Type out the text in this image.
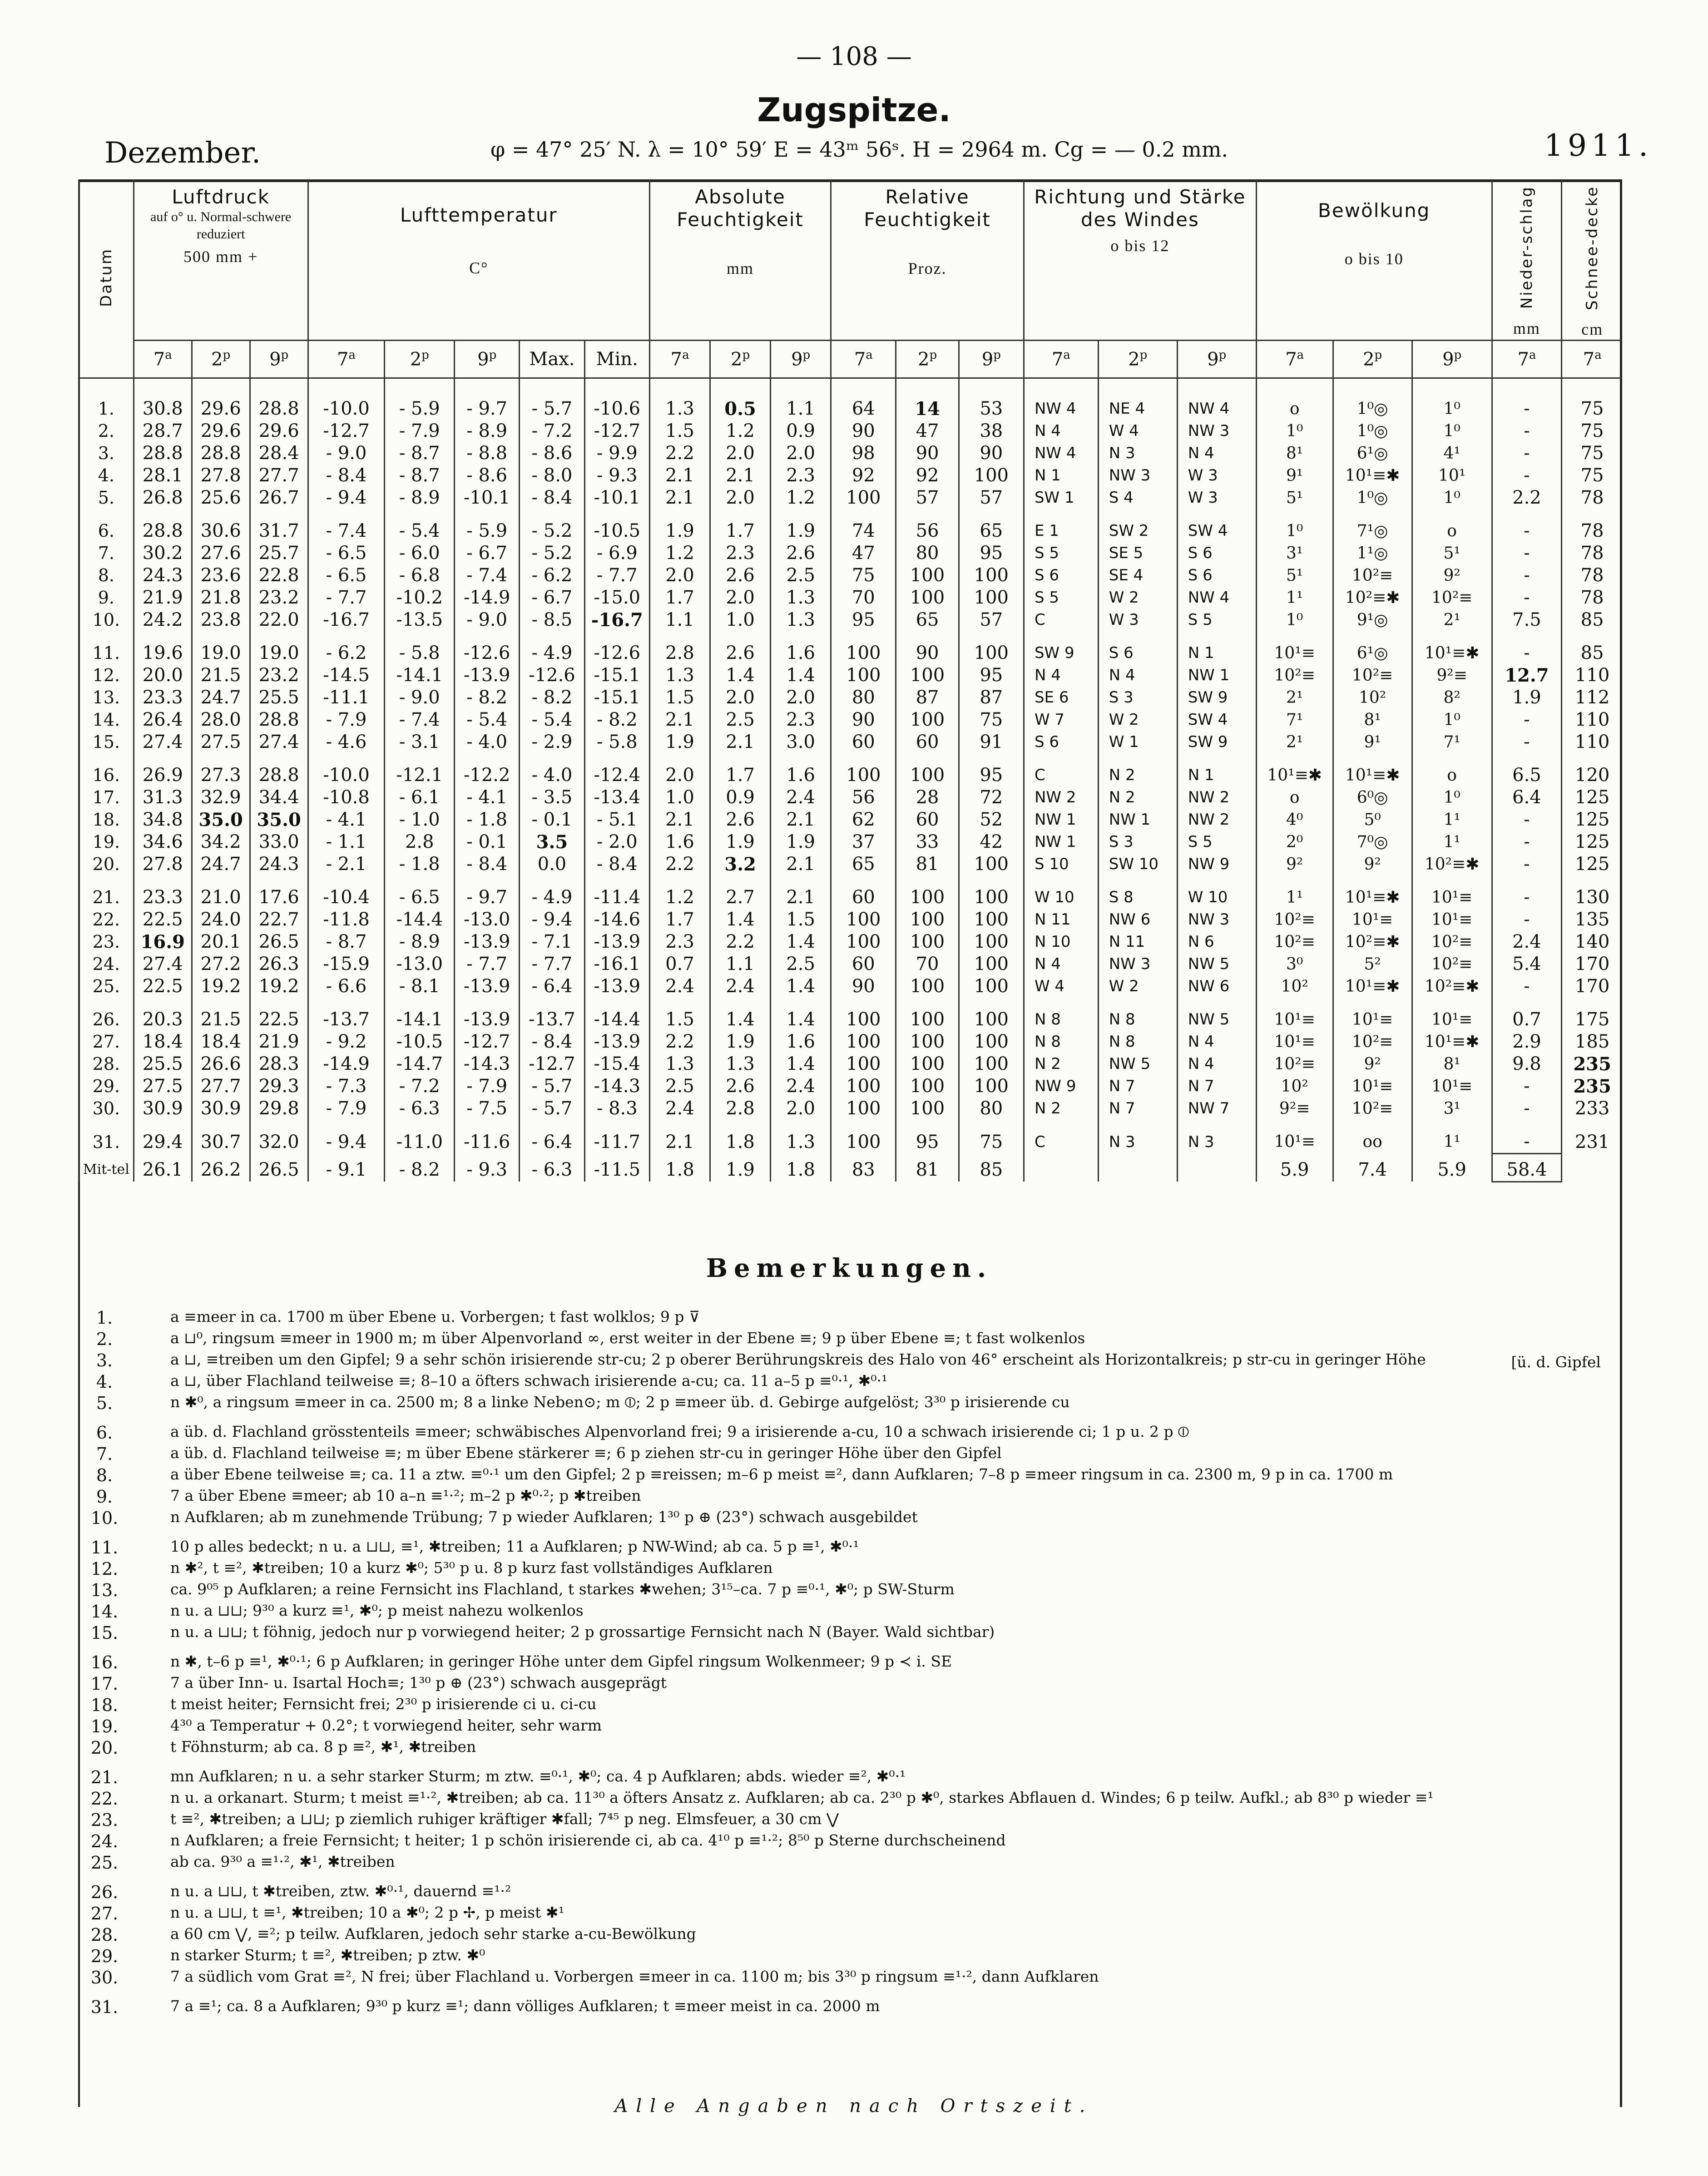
— 108 —
Zugspitze.
Dezember.	φ = 47° 25′ N. λ = 10° 59′ E = 43ᵐ 56ˢ. H = 2964 m. Cg = — 0.2 mm.	1911.
Datum	Luftdruck
auf o° u. Normal-schwere reduziert
500 mm +			Lufttemperatur
C°					Absolute Feuchtigkeit
mm			Relative Feuchtigkeit
Proz.			Richtung und Stärke des Windes
o bis 12			Bewölkung
o bis 10			Nieder-schlag
mm	Schnee-decke
cm

	7$^a$	2$^p$	9$^p$	7$^a$	2$^p$	9$^p$	Max.	Min.	7$^a$	2$^p$	9$^p$	7$^a$	2$^p$	9$^p$	7$^a$	2$^p$	9$^p$	7$^a$	2$^p$	9$^p$	7$^a$	7$^a$

1.	30.8	29.6	28.8	-10.0	- 5.9	- 9.7	- 5.7	-10.6	1.3	0.5	1.1	64	14	53	NW 4	NE 4	NW 4	o	1⁰◎	1⁰	-	75
2.	28.7	29.6	29.6	-12.7	- 7.9	- 8.9	- 7.2	-12.7	1.5	1.2	0.9	90	47	38	N 4	W 4	NW 3	1⁰	1⁰◎	1⁰	-	75
3.	28.8	28.8	28.4	- 9.0	- 8.7	- 8.8	- 8.6	- 9.9	2.2	2.0	2.0	98	90	90	NW 4	N 3	N 4	8¹	6¹◎	4¹	-	75
4.	28.1	27.8	27.7	- 8.4	- 8.7	- 8.6	- 8.0	- 9.3	2.1	2.1	2.3	92	92	100	N 1	NW 3	W 3	9¹	10¹≡✱	10¹	-	75
5.	26.8	25.6	26.7	- 9.4	- 8.9	-10.1	- 8.4	-10.1	2.1	2.0	1.2	100	57	57	SW 1	S 4	W 3	5¹	1⁰◎	1⁰	2.2	78
6.	28.8	30.6	31.7	- 7.4	- 5.4	- 5.9	- 5.2	-10.5	1.9	1.7	1.9	74	56	65	E 1	SW 2	SW 4	1⁰	7¹◎	o	-	78
7.	30.2	27.6	25.7	- 6.5	- 6.0	- 6.7	- 5.2	- 6.9	1.2	2.3	2.6	47	80	95	S 5	SE 5	S 6	3¹	1¹◎	5¹	-	78
8.	24.3	23.6	22.8	- 6.5	- 6.8	- 7.4	- 6.2	- 7.7	2.0	2.6	2.5	75	100	100	S 6	SE 4	S 6	5¹	10²≡	9²	-	78
9.	21.9	21.8	23.2	- 7.7	-10.2	-14.9	- 6.7	-15.0	1.7	2.0	1.3	70	100	100	S 5	W 2	NW 4	1¹	10²≡✱	10²≡	-	78
10.	24.2	23.8	22.0	-16.7	-13.5	- 9.0	- 8.5	-16.7	1.1	1.0	1.3	95	65	57	C	W 3	S 5	1⁰	9¹◎	2¹	7.5	85
11.	19.6	19.0	19.0	- 6.2	- 5.8	-12.6	- 4.9	-12.6	2.8	2.6	1.6	100	90	100	SW 9	S 6	N 1	10¹≡	6¹◎	10¹≡✱	-	85
12.	20.0	21.5	23.2	-14.5	-14.1	-13.9	-12.6	-15.1	1.3	1.4	1.4	100	100	95	N 4	N 4	NW 1	10²≡	10²≡	9²≡	12.7	110
13.	23.3	24.7	25.5	-11.1	- 9.0	- 8.2	- 8.2	-15.1	1.5	2.0	2.0	80	87	87	SE 6	S 3	SW 9	2¹	10²	8²	1.9	112
14.	26.4	28.0	28.8	- 7.9	- 7.4	- 5.4	- 5.4	- 8.2	2.1	2.5	2.3	90	100	75	W 7	W 2	SW 4	7¹	8¹	1⁰	-	110
15.	27.4	27.5	27.4	- 4.6	- 3.1	- 4.0	- 2.9	- 5.8	1.9	2.1	3.0	60	60	91	S 6	W 1	SW 9	2¹	9¹	7¹	-	110
16.	26.9	27.3	28.8	-10.0	-12.1	-12.2	- 4.0	-12.4	2.0	1.7	1.6	100	100	95	C	N 2	N 1	10¹≡✱	10¹≡✱	o	6.5	120
17.	31.3	32.9	34.4	-10.8	- 6.1	- 4.1	- 3.5	-13.4	1.0	0.9	2.4	56	28	72	NW 2	N 2	NW 2	o	6⁰◎	1⁰	6.4	125
18.	34.8	35.0	35.0	- 4.1	- 1.0	- 1.8	- 0.1	- 5.1	2.1	2.6	2.1	62	60	52	NW 1	NW 1	NW 2	4⁰	5⁰	1¹	-	125
19.	34.6	34.2	33.0	- 1.1	2.8	- 0.1	3.5	- 2.0	1.6	1.9	1.9	37	33	42	NW 1	S 3	S 5	2⁰	7⁰◎	1¹	-	125
20.	27.8	24.7	24.3	- 2.1	- 1.8	- 8.4	0.0	- 8.4	2.2	3.2	2.1	65	81	100	S 10	SW 10	NW 9	9²	9²	10²≡✱	-	125
21.	23.3	21.0	17.6	-10.4	- 6.5	- 9.7	- 4.9	-11.4	1.2	2.7	2.1	60	100	100	W 10	S 8	W 10	1¹	10¹≡✱	10¹≡	-	130
22.	22.5	24.0	22.7	-11.8	-14.4	-13.0	- 9.4	-14.6	1.7	1.4	1.5	100	100	100	N 11	NW 6	NW 3	10²≡	10¹≡	10¹≡	-	135
23.	16.9	20.1	26.5	- 8.7	- 8.9	-13.9	- 7.1	-13.9	2.3	2.2	1.4	100	100	100	N 10	N 11	N 6	10²≡	10²≡✱	10²≡	2.4	140
24.	27.4	27.2	26.3	-15.9	-13.0	- 7.7	- 7.7	-16.1	0.7	1.1	2.5	60	70	100	N 4	NW 3	NW 5	3⁰	5²	10²≡	5.4	170
25.	22.5	19.2	19.2	- 6.6	- 8.1	-13.9	- 6.4	-13.9	2.4	2.4	1.4	90	100	100	W 4	W 2	NW 6	10²	10¹≡✱	10²≡✱	-	170
26.	20.3	21.5	22.5	-13.7	-14.1	-13.9	-13.7	-14.4	1.5	1.4	1.4	100	100	100	N 8	N 8	NW 5	10¹≡	10¹≡	10¹≡	0.7	175
27.	18.4	18.4	21.9	- 9.2	-10.5	-12.7	- 8.4	-13.9	2.2	1.9	1.6	100	100	100	N 8	N 8	N 4	10¹≡	10²≡	10¹≡✱	2.9	185
28.	25.5	26.6	28.3	-14.9	-14.7	-14.3	-12.7	-15.4	1.3	1.3	1.4	100	100	100	N 2	NW 5	N 4	10²≡	9²	8¹	9.8	235
29.	27.5	27.7	29.3	- 7.3	- 7.2	- 7.9	- 5.7	-14.3	2.5	2.6	2.4	100	100	100	NW 9	N 7	N 7	10²	10¹≡	10¹≡	-	235
30.	30.9	30.9	29.8	- 7.9	- 6.3	- 7.5	- 5.7	- 8.3	2.4	2.8	2.0	100	100	80	N 2	N 7	NW 7	9²≡	10²≡	3¹	-	233
31.	29.4	30.7	32.0	- 9.4	-11.0	-11.6	- 6.4	-11.7	2.1	1.8	1.3	100	95	75	C	N 3	N 3	10¹≡	oo	1¹	-	231
Mit-tel	26.1	26.2	26.5	- 9.1	- 8.2	- 9.3	- 6.3	-11.5	1.8	1.9	1.8	83	81	85				5.9	7.4	5.9	58.4	

Bemerkungen.
[ü. d. Gipfel
1.	a ≡meer in ca. 1700 m über Ebene u. Vorbergen; t fast wolklos; 9 p ⊽
2.	a ⊔⁰, ringsum ≡meer in 1900 m; m über Alpenvorland ∞, erst weiter in der Ebene ≡; 9 p über Ebene ≡; t fast wolkenlos
3.	a ⊔, ≡treiben um den Gipfel; 9 a sehr schön irisierende str-cu; 2 p oberer Berührungskreis des Halo von 46° erscheint als Horizontalkreis; p str-cu in geringer Höhe
4.	a ⊔, über Flachland teilweise ≡; 8–10 a öfters schwach irisierende a-cu; ca. 11 a–5 p ≡⁰·¹, ✱⁰·¹
5.	n ✱⁰, a ringsum ≡meer in ca. 2500 m; 8 a linke Neben⊙; m ⦶; 2 p ≡meer üb. d. Gebirge aufgelöst; 3³⁰ p irisierende cu
6.	a üb. d. Flachland grösstenteils ≡meer; schwäbisches Alpenvorland frei; 9 a irisierende a-cu, 10 a schwach irisierende ci; 1 p u. 2 p ⦶
7.	a üb. d. Flachland teilweise ≡; m über Ebene stärkerer ≡; 6 p ziehen str-cu in geringer Höhe über den Gipfel
8.	a über Ebene teilweise ≡; ca. 11 a ztw. ≡⁰·¹ um den Gipfel; 2 p ≡reissen; m–6 p meist ≡², dann Aufklaren; 7–8 p ≡meer ringsum in ca. 2300 m, 9 p in ca. 1700 m
9.	7 a über Ebene ≡meer; ab 10 a–n ≡¹·²; m–2 p ✱⁰·²; p ✱treiben
10.	n Aufklaren; ab m zunehmende Trübung; 7 p wieder Aufklaren; 1³⁰ p ⊕ (23°) schwach ausgebildet
11.	10 p alles bedeckt; n u. a ⊔⊔, ≡¹, ✱treiben; 11 a Aufklaren; p NW-Wind; ab ca. 5 p ≡¹, ✱⁰·¹
12.	n ✱², t ≡², ✱treiben; 10 a kurz ✱⁰; 5³⁰ p u. 8 p kurz fast vollständiges Aufklaren
13.	ca. 9⁰⁵ p Aufklaren; a reine Fernsicht ins Flachland, t starkes ✱wehen; 3¹⁵–ca. 7 p ≡⁰·¹, ✱⁰; p SW-Sturm
14.	n u. a ⊔⊔; 9³⁰ a kurz ≡¹, ✱⁰; p meist nahezu wolkenlos
15.	n u. a ⊔⊔; t föhnig, jedoch nur p vorwiegend heiter; 2 p grossartige Fernsicht nach N (Bayer. Wald sichtbar)
16.	n ✱, t–6 p ≡¹, ✱⁰·¹; 6 p Aufklaren; in geringer Höhe unter dem Gipfel ringsum Wolkenmeer; 9 p ≺ i. SE
17.	7 a über Inn- u. Isartal Hoch≡; 1³⁰ p ⊕ (23°) schwach ausgeprägt
18.	t meist heiter; Fernsicht frei; 2³⁰ p irisierende ci u. ci-cu
19.	4³⁰ a Temperatur + 0.2°; t vorwiegend heiter, sehr warm
20.	t Föhnsturm; ab ca. 8 p ≡², ✱¹, ✱treiben
21.	mn Aufklaren; n u. a sehr starker Sturm; m ztw. ≡⁰·¹, ✱⁰; ca. 4 p Aufklaren; abds. wieder ≡², ✱⁰·¹
22.	n u. a orkanart. Sturm; t meist ≡¹·², ✱treiben; ab ca. 11³⁰ a öfters Ansatz z. Aufklaren; ab ca. 2³⁰ p ✱⁰, starkes Abflauen d. Windes; 6 p teilw. Aufkl.; ab 8³⁰ p wieder ≡¹
23.	t ≡², ✱treiben; a ⊔⊔; p ziemlich ruhiger kräftiger ✱fall; 7⁴⁵ p neg. Elmsfeuer, a 30 cm ⋁
24.	n Aufklaren; a freie Fernsicht; t heiter; 1 p schön irisierende ci, ab ca. 4¹⁰ p ≡¹·²; 8⁵⁰ p Sterne durchscheinend
25.	ab ca. 9³⁰ a ≡¹·², ✱¹, ✱treiben
26.	n u. a ⊔⊔, t ✱treiben, ztw. ✱⁰·¹, dauernd ≡¹·²
27.	n u. a ⊔⊔, t ≡¹, ✱treiben; 10 a ✱⁰; 2 p ✢, p meist ✱¹
28.	a 60 cm ⋁, ≡²; p teilw. Aufklaren, jedoch sehr starke a-cu-Bewölkung
29.	n starker Sturm; t ≡², ✱treiben; p ztw. ✱⁰
30.	7 a südlich vom Grat ≡², N frei; über Flachland u. Vorbergen ≡meer in ca. 1100 m; bis 3³⁰ p ringsum ≡¹·², dann Aufklaren
31.	7 a ≡¹; ca. 8 a Aufklaren; 9³⁰ p kurz ≡¹; dann völliges Aufklaren; t ≡meer meist in ca. 2000 m
Alle Angaben nach Ortszeit.
